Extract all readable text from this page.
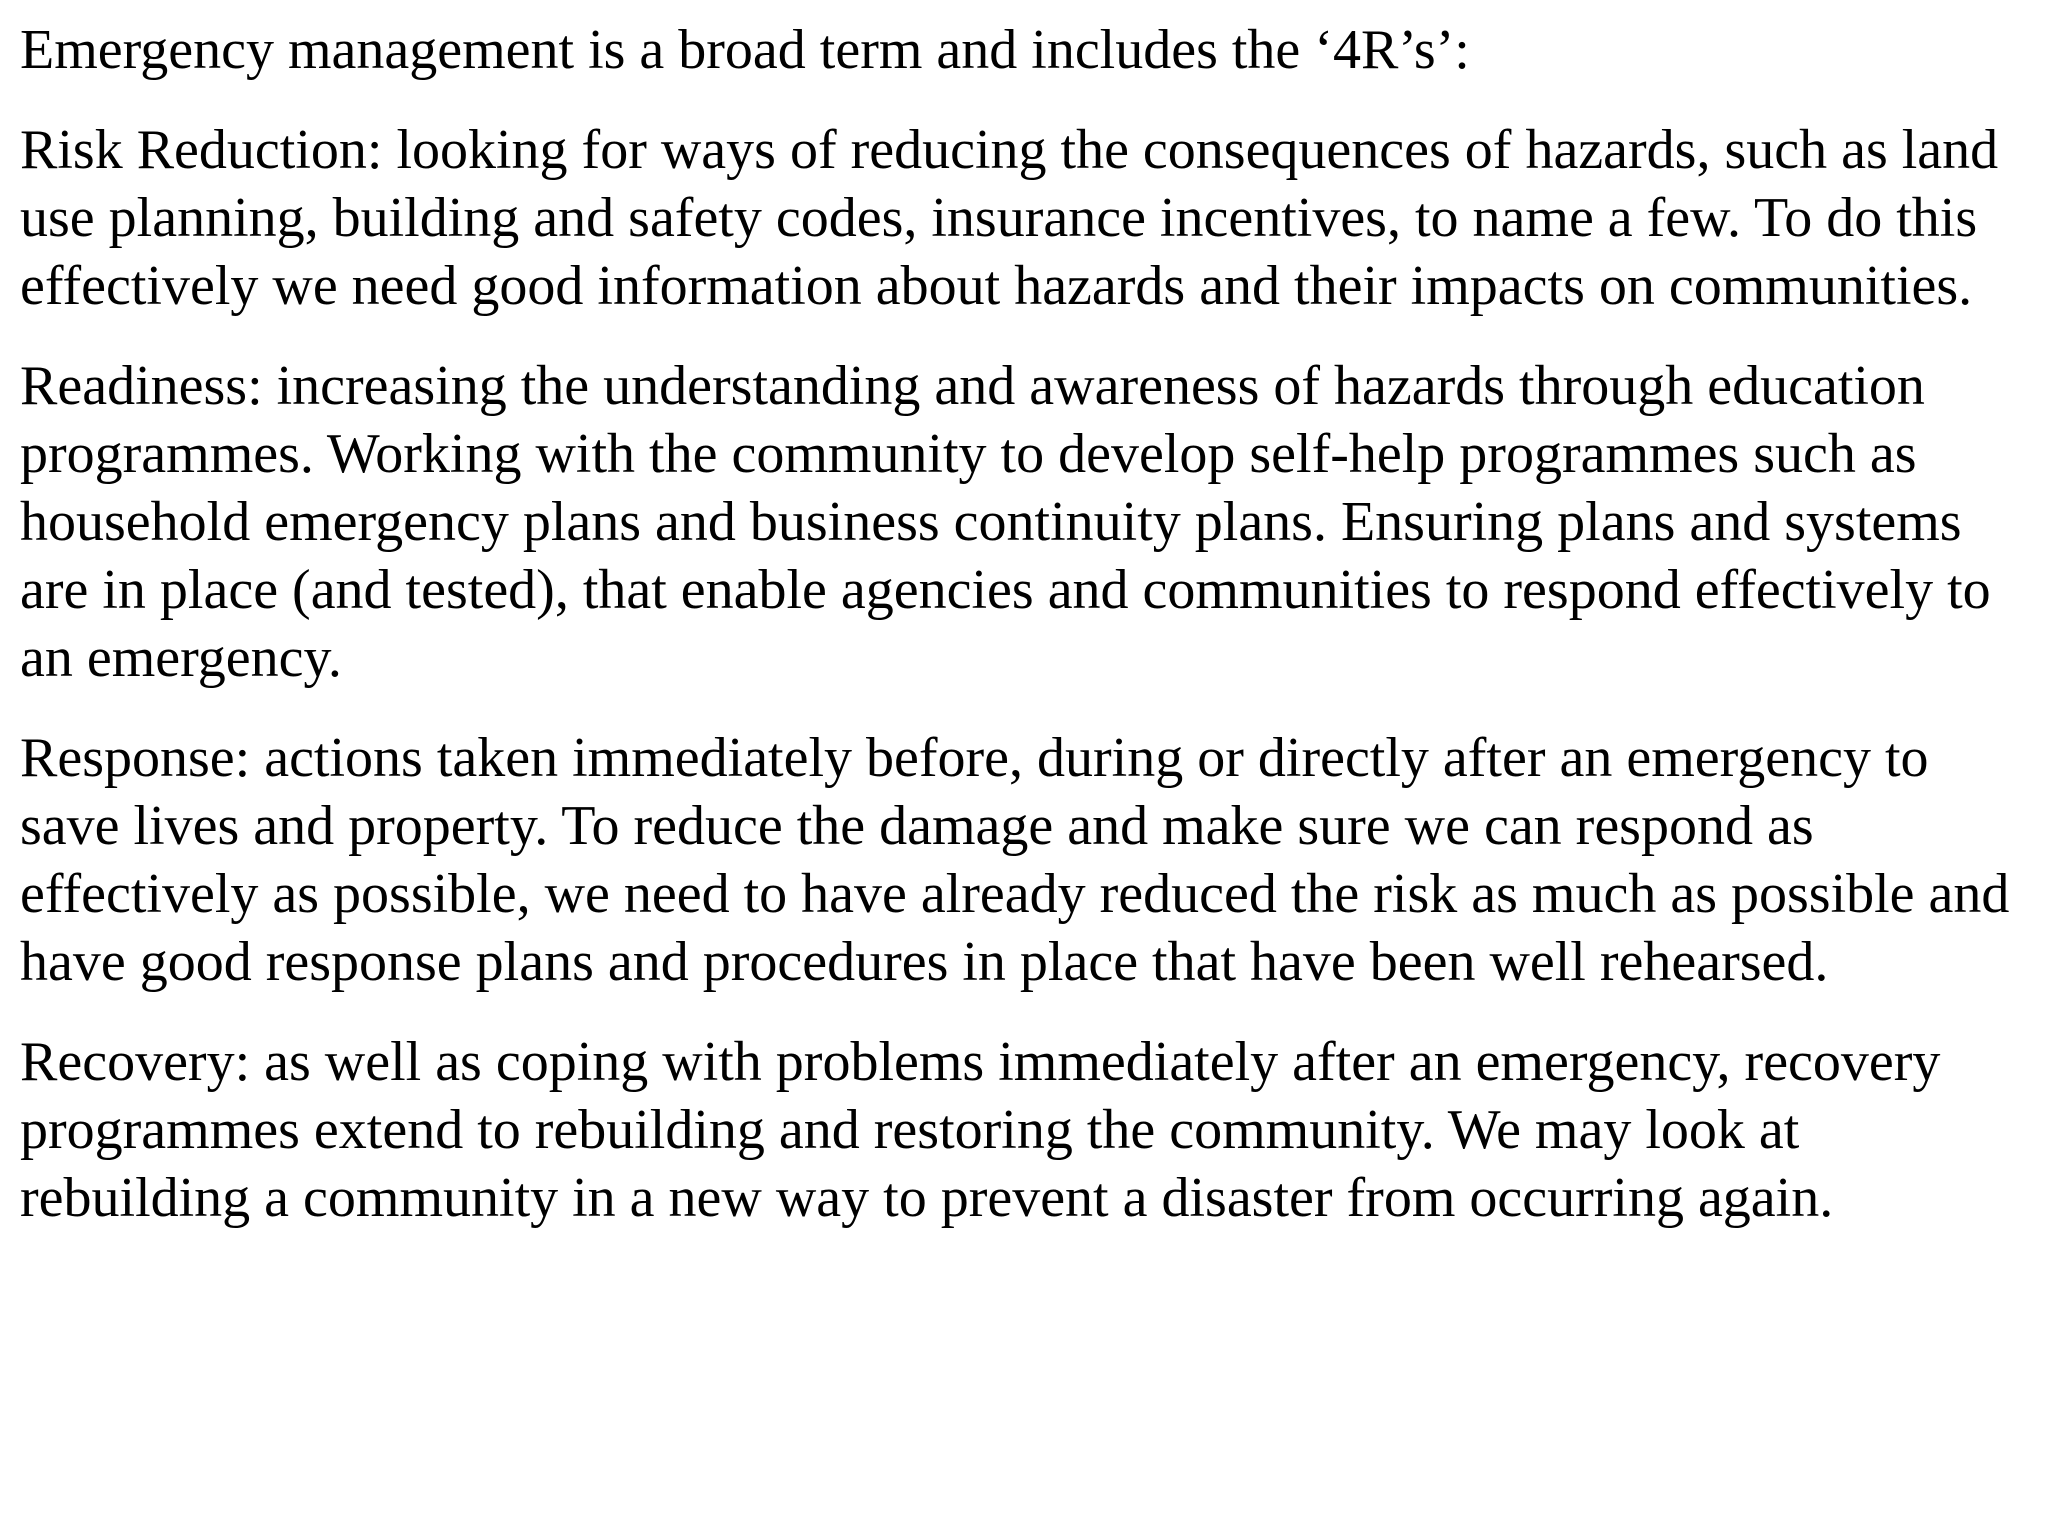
Emergency management is a broad term and includes the ‘4R’s’:

Risk Reduction: looking for ways of reducing the consequences of hazards, such as land use planning, building and safety codes, insurance incentives, to name a few. To do this effectively we need good information about hazards and their impacts on communities.

Readiness: increasing the understanding and awareness of hazards through education programmes. Working with the community to develop self-help programmes such as household emergency plans and business continuity plans. Ensuring plans and systems are in place (and tested), that enable agencies and communities to respond effectively to an emergency.

Response: actions taken immediately before, during or directly after an emergency to save lives and property. To reduce the damage and make sure we can respond as effectively as possible, we need to have already reduced the risk as much as possible and have good response plans and procedures in place that have been well rehearsed.

Recovery: as well as coping with problems immediately after an emergency, recovery programmes extend to rebuilding and restoring the community. We may look at rebuilding a community in a new way to prevent a disaster from occurring again.
